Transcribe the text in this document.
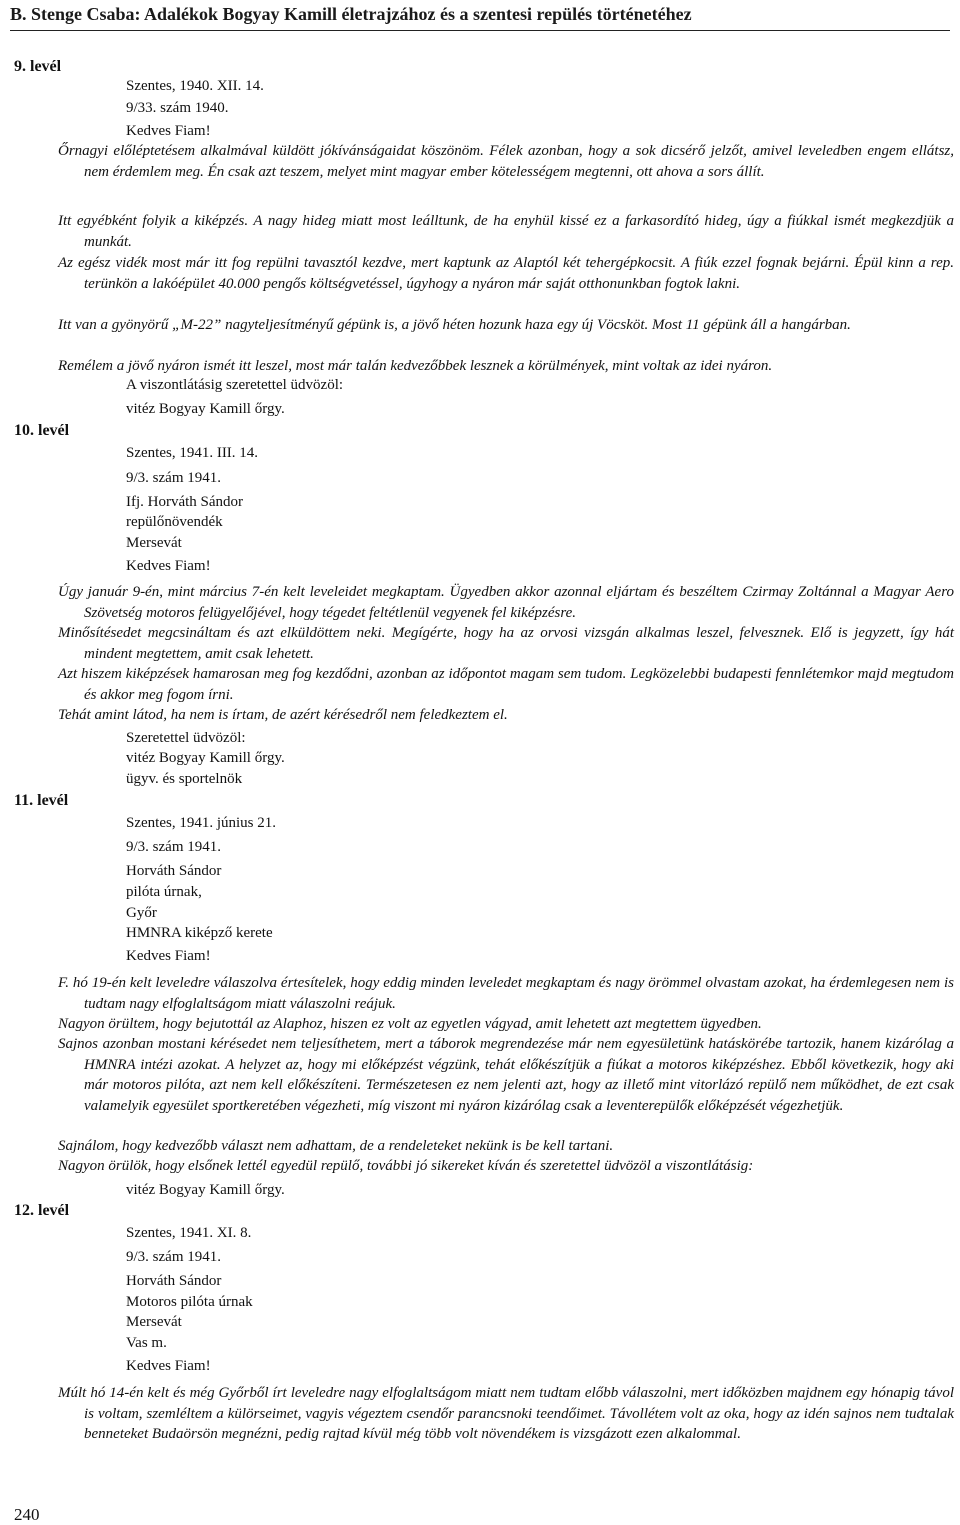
B. Stenge Csaba: Adalékok Bogyay Kamill életrajzához és a szentesi repülés történetéhez
9. levél
Szentes, 1940. XII. 14.
9/33. szám 1940.
Kedves Fiam!
Őrnagyi előléptetésem alkalmával küldött jókívánságaidat köszönöm. Félek azonban, hogy a sok dicsérő jelzőt, amivel leveledben engem ellátsz, nem érdemlem meg. Én csak azt teszem, melyet mint magyar ember kötelességem megtenni, ott ahova a sors állít.
Itt egyébként folyik a kiképzés. A nagy hideg miatt most leálltunk, de ha enyhül kissé ez a farkasordító hideg, úgy a fiúkkal ismét megkezdjük a munkát.
Az egész vidék most már itt fog repülni tavasztól kezdve, mert kaptunk az Alaptól két tehergépkocsit. A fiúk ezzel fognak bejárni. Épül kinn a rep. terünkön a lakóépület 40.000 pengős költségvetéssel, úgyhogy a nyáron már saját otthonunkban fogtok lakni.
Itt van a gyönyörű „M-22” nagyteljesítményű gépünk is, a jövő héten hozunk haza egy új Vöcsköt. Most 11 gépünk áll a hangárban.
Remélem a jövő nyáron ismét itt leszel, most már talán kedvezőbbek lesznek a körülmények, mint voltak az idei nyáron.
A viszontlátásig szeretettel üdvözöl:
vitéz Bogyay Kamill őrgy.
10. levél
Szentes, 1941. III. 14.
9/3. szám 1941.
Ifj. Horváth Sándor
repülőnövendék
Mersevát
Kedves Fiam!
Úgy január 9-én, mint március 7-én kelt leveleidet megkaptam. Ügyedben akkor azonnal eljártam és beszéltem Czirmay Zoltánnal a Magyar Aero Szövetség motoros felügyelőjével, hogy tégedet feltétlenül vegyenek fel kiképzésre.
Minősítésedet megcsináltam és azt elküldöttem neki. Megígérte, hogy ha az orvosi vizsgán alkalmas leszel, felvesznek. Elő is jegyzett, így hát mindent megtettem, amit csak lehetett.
Azt hiszem kiképzések hamarosan meg fog kezdődni, azonban az időpontot magam sem tudom. Legközelebbi budapesti fennlétemkor majd megtudom és akkor meg fogom írni.
Tehát amint látod, ha nem is írtam, de azért kérésedről nem feledkeztem el.
Szeretettel üdvözöl:
vitéz Bogyay Kamill őrgy.
ügyv. és sportelnök
11. levél
Szentes, 1941. június 21.
9/3. szám 1941.
Horváth Sándor
pilóta úrnak,
Győr
HMNRA kiképző kerete
Kedves Fiam!
F. hó 19-én kelt leveledre válaszolva értesítelek, hogy eddig minden leveledet megkaptam és nagy örömmel olvastam azokat, ha érdemlegesen nem is tudtam nagy elfoglaltságom miatt válaszolni reájuk.
Nagyon örültem, hogy bejutottál az Alaphoz, hiszen ez volt az egyetlen vágyad, amit lehetett azt megtettem ügyedben.
Sajnos azonban mostani kérésedet nem teljesíthetem, mert a táborok megrendezése már nem egyesületünk hatáskörébe tartozik, hanem kizárólag a HMNRA intézi azokat. A helyzet az, hogy mi előképzést végzünk, tehát előkészítjük a fiúkat a motoros kiképzéshez. Ebből következik, hogy aki már motoros pilóta, azt nem kell előkészíteni. Természetesen ez nem jelenti azt, hogy az illető mint vitorlázó repülő nem működhet, de ezt csak valamelyik egyesület sportkeretében végezheti, míg viszont mi nyáron kizárólag csak a leventerepülők előképzését végezhetjük.
Sajnálom, hogy kedvezőbb választ nem adhattam, de a rendeleteket nekünk is be kell tartani.
Nagyon örülök, hogy elsőnek lettél egyedül repülő, további jó sikereket kíván és szeretettel üdvözöl a viszontlátásig:
vitéz Bogyay Kamill őrgy.
12. levél
Szentes, 1941. XI. 8.
9/3. szám 1941.
Horváth Sándor
Motoros pilóta úrnak
Mersevát
Vas m.
Kedves Fiam!
Múlt hó 14-én kelt és még Győrből írt leveledre nagy elfoglaltságom miatt nem tudtam előbb válaszolni, mert időközben majdnem egy hónapig távol is voltam, szemléltem a külörseimet, vagyis végeztem csendőr parancsnoki teendőimet. Távollétem volt az oka, hogy az idén sajnos nem tudtalak benneteket Budaörsön megnézni, pedig rajtad kívül még több volt növendékem is vizsgázott ezen alkalommal.
240
